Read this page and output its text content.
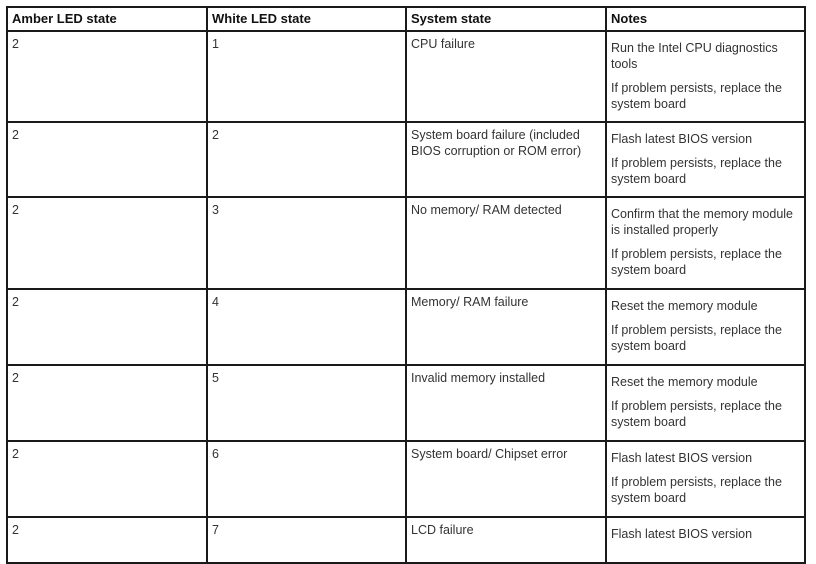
Amber LED state	White LED state	System state	Notes
2	1	CPU failure	Run the Intel CPU diagnostics tools

If problem persists, replace the system board

2	2	System board failure (included BIOS corruption or ROM error)	Flash latest BIOS version

If problem persists, replace the system board

2	3	No memory/ RAM detected	Confirm that the memory module is installed properly

If problem persists, replace the system board

2	4	Memory/ RAM failure	Reset the memory module

If problem persists, replace the system board

2	5	Invalid memory installed	Reset the memory module

If problem persists, replace the system board

2	6	System board/ Chipset error	Flash latest BIOS version

If problem persists, replace the system board

2	7	LCD failure	Flash latest BIOS version
